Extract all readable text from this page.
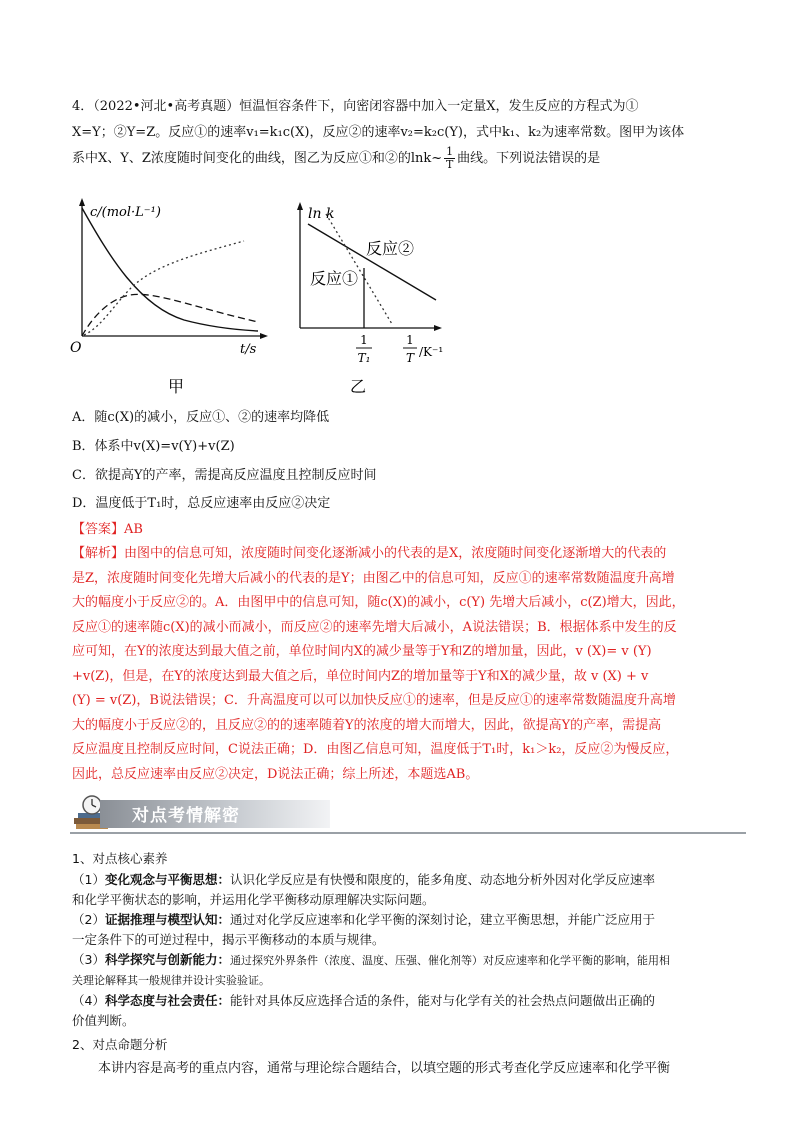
4．（2022•河北•高考真题）恒温恒容条件下，向密闭容器中加入一定量X，发生反应的方程式为①
X=Y；②Y=Z。反应①的速率v₁=k₁c(X)，反应②的速率v₂=k₂c(Y)，式中k₁、k₂为速率常数。图甲为该体
系中X、Y、Z浓度随时间变化的曲线，图乙为反应①和②的lnk~ $\frac{1}{T}$ 曲线。下列说法错误的是
c/(mol·L⁻¹)
O	t/s
甲
ln k
反应②
反应①
1
T₁
1
T /K⁻¹
乙
A．随c(X)的减小，反应①、②的速率均降低
B．体系中v(X)=v(Y)+v(Z)
C．欲提高Y的产率，需提高反应温度且控制反应时间
D．温度低于T₁时，总反应速率由反应②决定
【答案】AB
【解析】由图中的信息可知，浓度随时间变化逐渐减小的代表的是X，浓度随时间变化逐渐增大的代表的
是Z，浓度随时间变化先增大后减小的代表的是Y；由图乙中的信息可知，反应①的速率常数随温度升高增
大的幅度小于反应②的。A．由图甲中的信息可知，随c(X)的减小，c(Y) 先增大后减小，c(Z)增大，因此，
反应①的速率随c(X)的减小而减小，而反应②的速率先增大后减小，A说法错误；B．根据体系中发生的反
应可知，在Y的浓度达到最大值之前，单位时间内X的减少量等于Y和Z的增加量，因此，v (X)= v (Y)
+v(Z)，但是，在Y的浓度达到最大值之后，单位时间内Z的增加量等于Y和X的减少量，故 v (X) + v
(Y) = v(Z)，B说法错误；C．升高温度可以可以加快反应①的速率，但是反应①的速率常数随温度升高增
大的幅度小于反应②的，且反应②的的速率随着Y的浓度的增大而增大，因此，欲提高Y的产率，需提高
反应温度且控制反应时间，C说法正确；D．由图乙信息可知，温度低于T₁时，k₁＞k₂，反应②为慢反应，
因此，总反应速率由反应②决定，D说法正确；综上所述，本题选AB。
对点考情解密
1、对点核心素养
（1）变化观念与平衡思想：认识化学反应是有快慢和限度的，能多角度、动态地分析外因对化学反应速率
和化学平衡状态的影响，并运用化学平衡移动原理解决实际问题。
（2）证据推理与模型认知：通过对化学反应速率和化学平衡的深刻讨论，建立平衡思想，并能广泛应用于
一定条件下的可逆过程中，揭示平衡移动的本质与规律。
（3）科学探究与创新能力：通过探究外界条件（浓度、温度、压强、催化剂等）对反应速率和化学平衡的影响，能用相
关理论解释其一般规律并设计实验验证。
（4）科学态度与社会责任：能针对具体反应选择合适的条件，能对与化学有关的社会热点问题做出正确的
价值判断。
2、对点命题分析
本讲内容是高考的重点内容，通常与理论综合题结合，以填空题的形式考查化学反应速率和化学平衡
